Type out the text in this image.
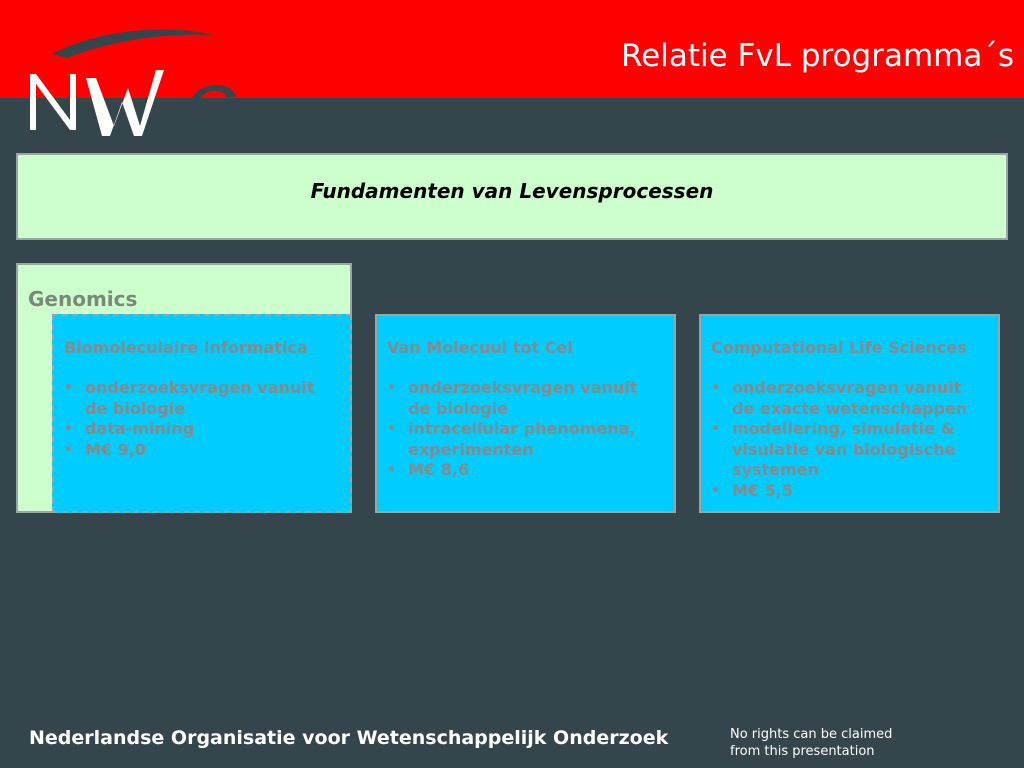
Relatie FvL programma´s
Fundamenten van Levensprocessen
Genomics
Biomoleculaire Informatica
• onderzoeksvragen vanuit de biologie
• data-mining
• M€ 9,0
Van Molecuul tot Cel
• onderzoeksvragen vanuit de biologie
• intracellular phenomena, experimenten
• M€ 8,6
Computational Life Sciences
• onderzoeksvragen vanuit de exacte wetenschappen
• modellering, simulatie & visulatie van biologische systemen
• M€ 5,5
Nederlandse Organisatie voor Wetenschappelijk Onderzoek	No rights can be claimed
from this presentation
